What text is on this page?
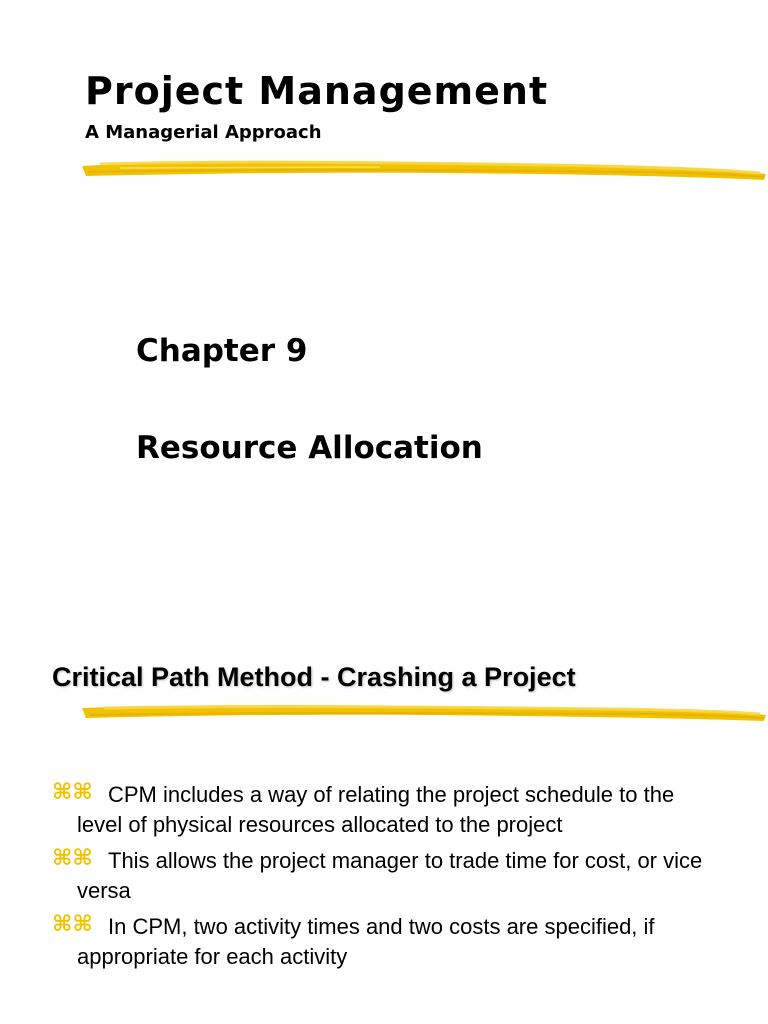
Project Management
A Managerial Approach
Chapter 9
Resource Allocation
Critical Path Method - Crashing a Project
⌘⌘ CPM includes a way of relating the project schedule to the level of physical resources allocated to the project
⌘⌘ This allows the project manager to trade time for cost, or vice versa
⌘⌘ In CPM, two activity times and two costs are specified, if appropriate for each activity
